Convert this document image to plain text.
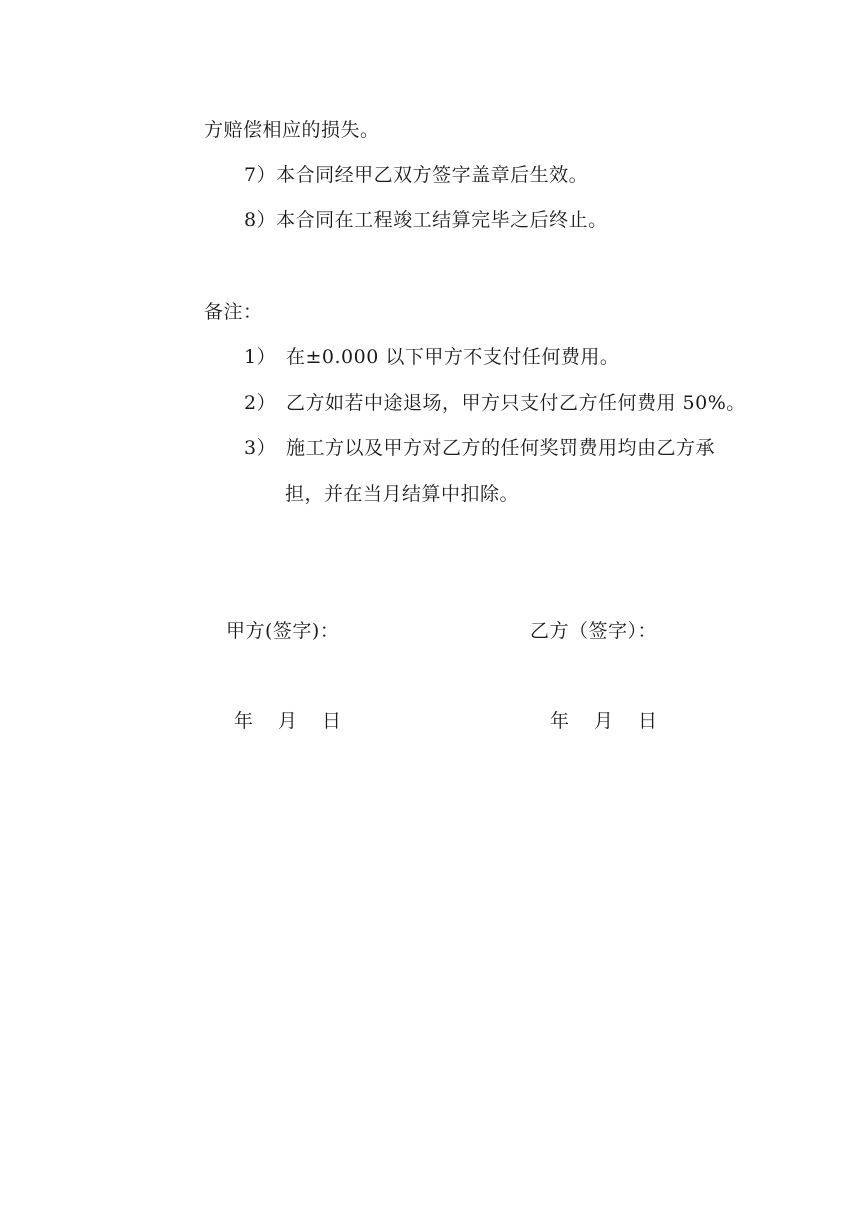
方赔偿相应的损失。
7）本合同经甲乙双方签字盖章后生效。
8）本合同在工程竣工结算完毕之后终止。
备注：
1） 在±0.000 以下甲方不支付任何费用。
2） 乙方如若中途退场，甲方只支付乙方任何费用 50%。
3） 施工方以及甲方对乙方的任何奖罚费用均由乙方承
担，并在当月结算中扣除。
甲方(签字)：	乙方（签字）：
年　月　日	年　月　日
